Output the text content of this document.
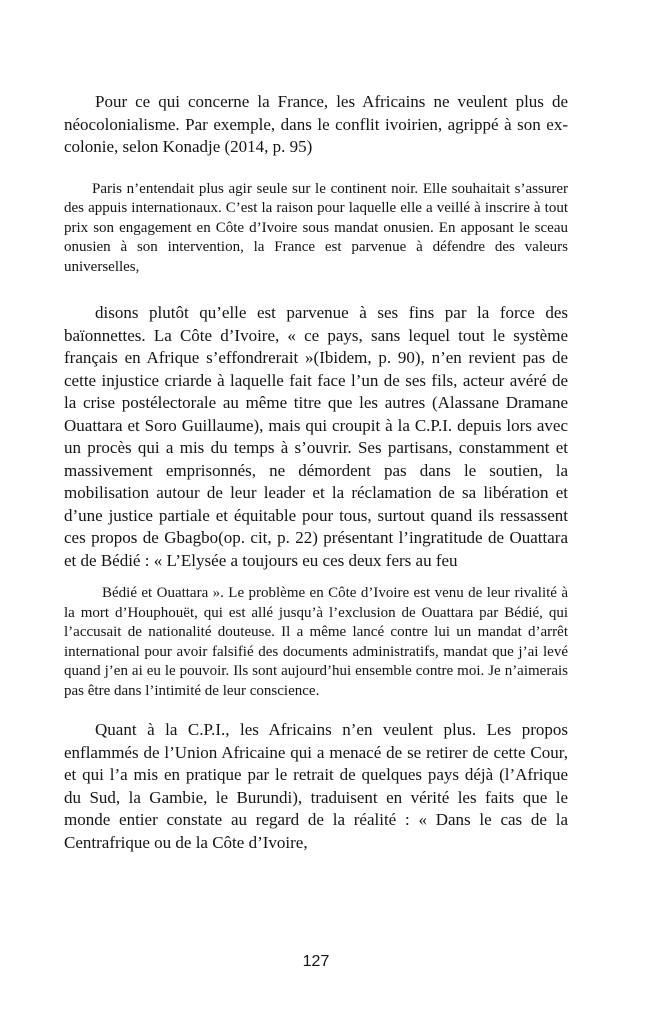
Pour ce qui concerne la France, les Africains ne veulent plus de néocolonialisme. Par exemple, dans le conflit ivoirien, agrippé à son ex-colonie, selon Konadje (2014, p. 95)

Paris n’entendait plus agir seule sur le continent noir. Elle souhaitait s’assurer des appuis internationaux. C’est la raison pour laquelle elle a veillé à inscrire à tout prix son engagement en Côte d’Ivoire sous mandat onusien. En apposant le sceau onusien à son intervention, la France est parvenue à défendre des valeurs universelles,

disons plutôt qu’elle est parvenue à ses fins par la force des baïonnettes. La Côte d’Ivoire, « ce pays, sans lequel tout le système français en Afrique s’effondrerait »(Ibidem, p. 90), n’en revient pas de cette injustice criarde à laquelle fait face l’un de ses fils, acteur avéré de la crise postélectorale au même titre que les autres (Alassane Dramane Ouattara et Soro Guillaume), mais qui croupit à la C.P.I. depuis lors avec un procès qui a mis du temps à s’ouvrir. Ses partisans, constamment et massivement emprisonnés, ne démordent pas dans le soutien, la mobilisation autour de leur leader et la réclamation de sa libération et d’une justice partiale et équitable pour tous, surtout quand ils ressassent ces propos de Gbagbo(op. cit, p. 22) présentant l’ingratitude de Ouattara et de Bédié : « L’Elysée a toujours eu ces deux fers au feu

Bédié et Ouattara ». Le problème en Côte d’Ivoire est venu de leur rivalité à la mort d’Houphouët, qui est allé jusqu’à l’exclusion de Ouattara par Bédié, qui l’accusait de nationalité douteuse. Il a même lancé contre lui un mandat d’arrêt international pour avoir falsifié des documents administratifs, mandat que j’ai levé quand j’en ai eu le pouvoir. Ils sont aujourd’hui ensemble contre moi. Je n’aimerais pas être dans l’intimité de leur conscience.

Quant à la C.P.I., les Africains n’en veulent plus. Les propos enflammés de l’Union Africaine qui a menacé de se retirer de cette Cour, et qui l’a mis en pratique par le retrait de quelques pays déjà (l’Afrique du Sud, la Gambie, le Burundi), traduisent en vérité les faits que le monde entier constate au regard de la réalité : « Dans le cas de la Centrafrique ou de la Côte d’Ivoire,

127
